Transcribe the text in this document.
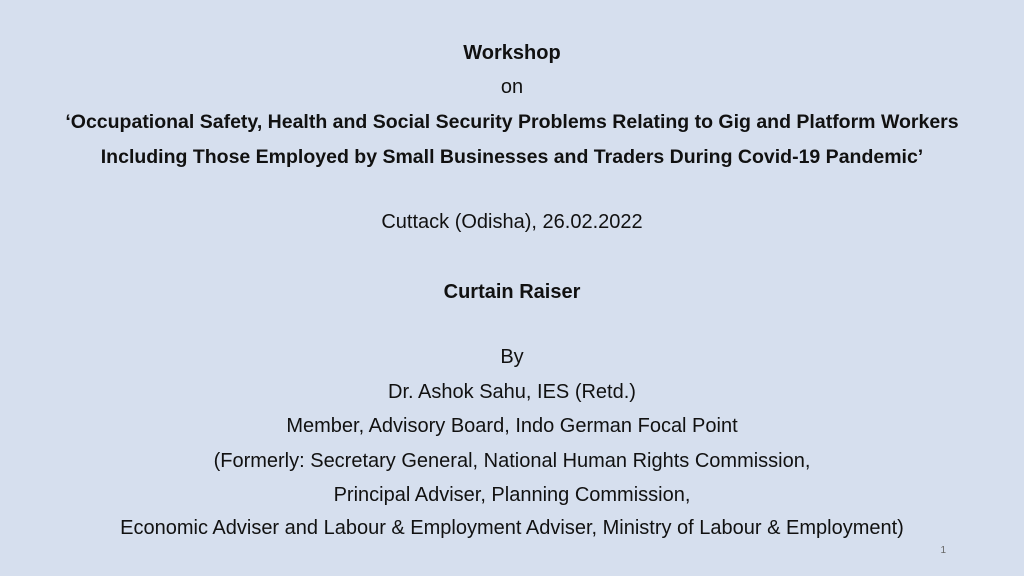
Workshop
on
‘Occupational Safety, Health and Social Security Problems Relating to Gig and Platform Workers
Including Those Employed by Small Businesses and Traders During Covid-19 Pandemic’
Cuttack (Odisha), 26.02.2022
Curtain Raiser
By
Dr. Ashok Sahu, IES (Retd.)
Member, Advisory Board, Indo German Focal Point
(Formerly: Secretary General, National Human Rights Commission,
Principal Adviser, Planning Commission,
Economic Adviser and Labour & Employment Adviser, Ministry of Labour & Employment)
1
